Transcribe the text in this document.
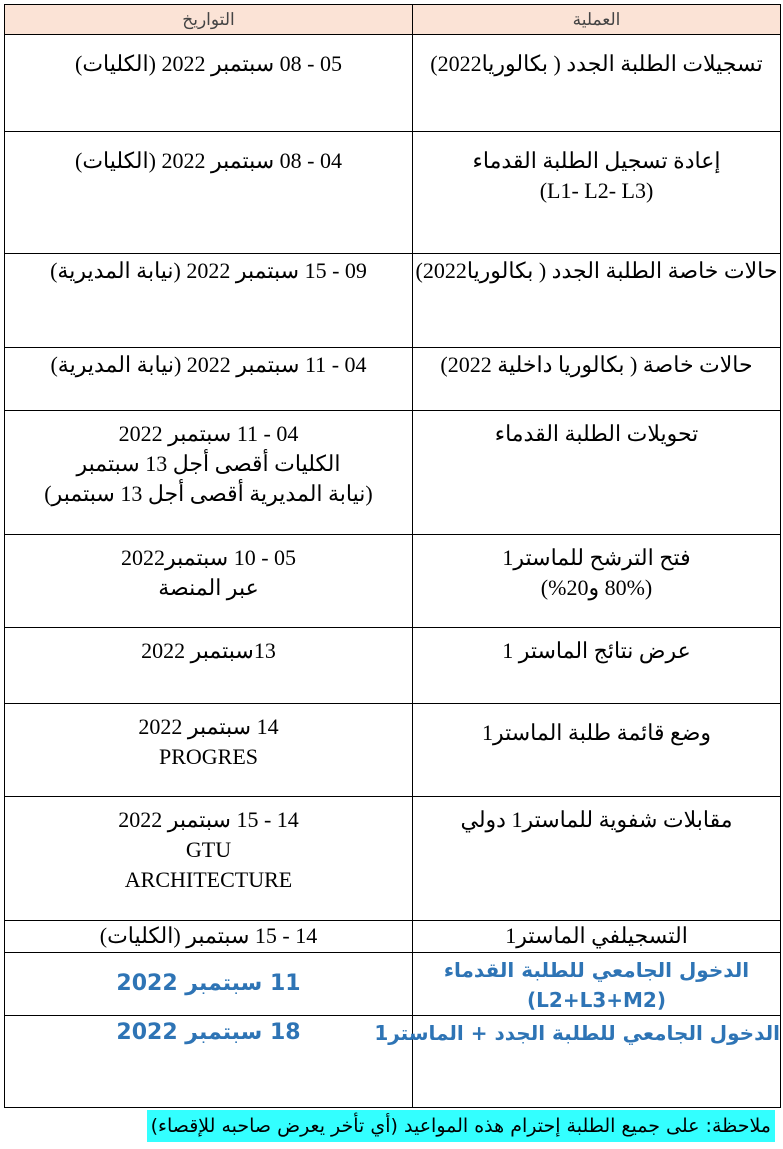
العملية	التواريخ

تسجيلات الطلبة الجدد ( بكالوريا2022)	05 - 08 سبتمبر 2022 (الكليات)

إعادة تسجيل الطلبة القدماء
(L1- L2- L3)	04 - 08 سبتمبر 2022 (الكليات)

حالات خاصة الطلبة الجدد ( بكالوريا2022)	09 - 15 سبتمبر 2022 (نيابة المديرية)

حالات خاصة ( بكالوريا داخلية 2022)	04 - 11 سبتمبر 2022 (نيابة المديرية)

تحويلات الطلبة القدماء	04 - 11 سبتمبر 2022
الكليات أقصى أجل 13 سبتمبر
(نيابة المديرية أقصى أجل 13 سبتمبر)

فتح الترشح للماستر1
(80% و20%)	05 - 10 سبتمبر2022
عبر المنصة

عرض نتائج الماستر 1	13سبتمبر 2022

وضع قائمة طلبة الماستر1	14 سبتمبر 2022
PROGRES

مقابلات شفوية للماستر1 دولي	14 - 15 سبتمبر 2022
GTU
ARCHITECTURE

التسجيلفي الماستر1	14 - 15 سبتمبر (الكليات)

الدخول الجامعي للطلبة القدماء
(L2+L3+M2)	11 سبتمبر 2022

الدخول الجامعي للطلبة الجدد + الماستر1	18 سبتمبر 2022
ملاحظة: على جميع الطلبة إحترام هذه المواعيد (أي تأخر يعرض صاحبه للإقصاء)
